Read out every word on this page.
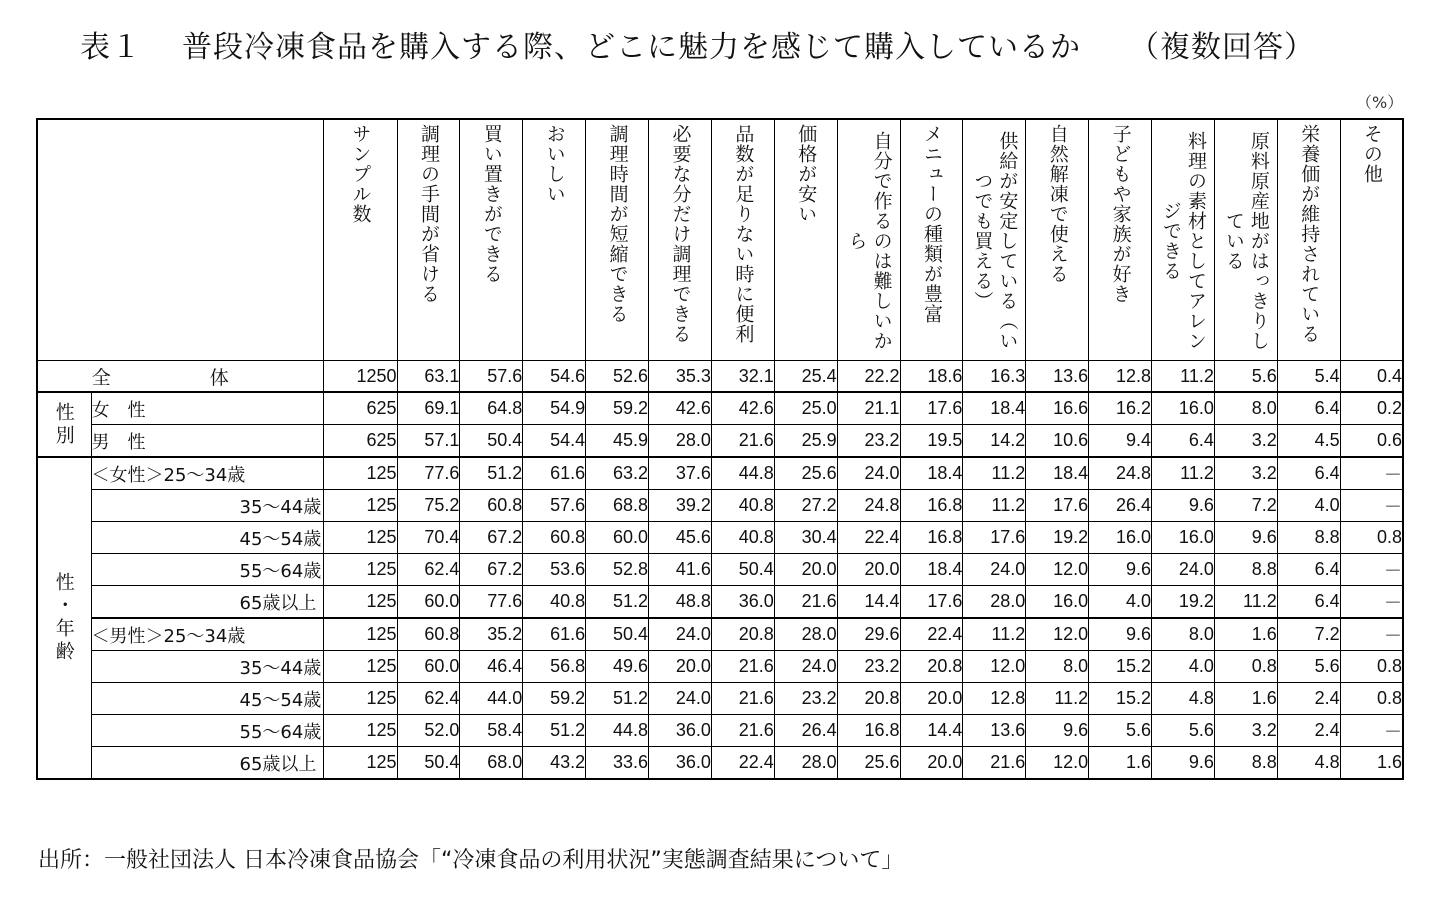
表１ 普段冷凍食品を購入する際、どこに魅力を感じて購入しているか （複数回答）
（%）

		サンプル数	調理の手間が省ける	買い置きができる	おいしい	調理時間が短縮できる	必要な分だけ調理できる	品数が足りない時に便利	価格が安い	自分で作るのは難しいから	メニューの種類が豊富	供給が安定している（いつでも買える）	自然解凍で使える	子どもや家族が好き	料理の素材としてアレンジできる	原料原産地がはっきりしている	栄養価が維持されている	その他

全　体		1250	63.1	57.6	54.6	52.6	35.3	32.1	25.4	22.2	18.6	16.3	13.6	12.8	11.2	5.6	5.4	0.4
性別	女　性	625	69.1	64.8	54.9	59.2	42.6	42.6	25.0	21.1	17.6	18.4	16.6	16.2	16.0	8.0	6.4	0.2
	男　性	625	57.1	50.4	54.4	45.9	28.0	21.6	25.9	23.2	19.5	14.2	10.6	9.4	6.4	3.2	4.5	0.6
性・年齢	＜女性＞25～34歳	125	77.6	51.2	61.6	63.2	37.6	44.8	25.6	24.0	18.4	11.2	18.4	24.8	11.2	3.2	6.4	－
	35～44歳	125	75.2	60.8	57.6	68.8	39.2	40.8	27.2	24.8	16.8	11.2	17.6	26.4	9.6	7.2	4.0	－
	45～54歳	125	70.4	67.2	60.8	60.0	45.6	40.8	30.4	22.4	16.8	17.6	19.2	16.0	16.0	9.6	8.8	0.8
	55～64歳	125	62.4	67.2	53.6	52.8	41.6	50.4	20.0	20.0	18.4	24.0	12.0	9.6	24.0	8.8	6.4	－
	65歳以上	125	60.0	77.6	40.8	51.2	48.8	36.0	21.6	14.4	17.6	28.0	16.0	4.0	19.2	11.2	6.4	－
	＜男性＞25～34歳	125	60.8	35.2	61.6	50.4	24.0	20.8	28.0	29.6	22.4	11.2	12.0	9.6	8.0	1.6	7.2	－
	35～44歳	125	60.0	46.4	56.8	49.6	20.0	21.6	24.0	23.2	20.8	12.0	8.0	15.2	4.0	0.8	5.6	0.8
	45～54歳	125	62.4	44.0	59.2	51.2	24.0	21.6	23.2	20.8	20.0	12.8	11.2	15.2	4.8	1.6	2.4	0.8
	55～64歳	125	52.0	58.4	51.2	44.8	36.0	21.6	26.4	16.8	14.4	13.6	9.6	5.6	5.6	3.2	2.4	－
	65歳以上	125	50.4	68.0	43.2	33.6	36.0	22.4	28.0	25.6	20.0	21.6	12.0	1.6	9.6	8.8	4.8	1.6
出所：一般社団法人 日本冷凍食品協会「“冷凍食品の利用状況”実態調査結果について」
